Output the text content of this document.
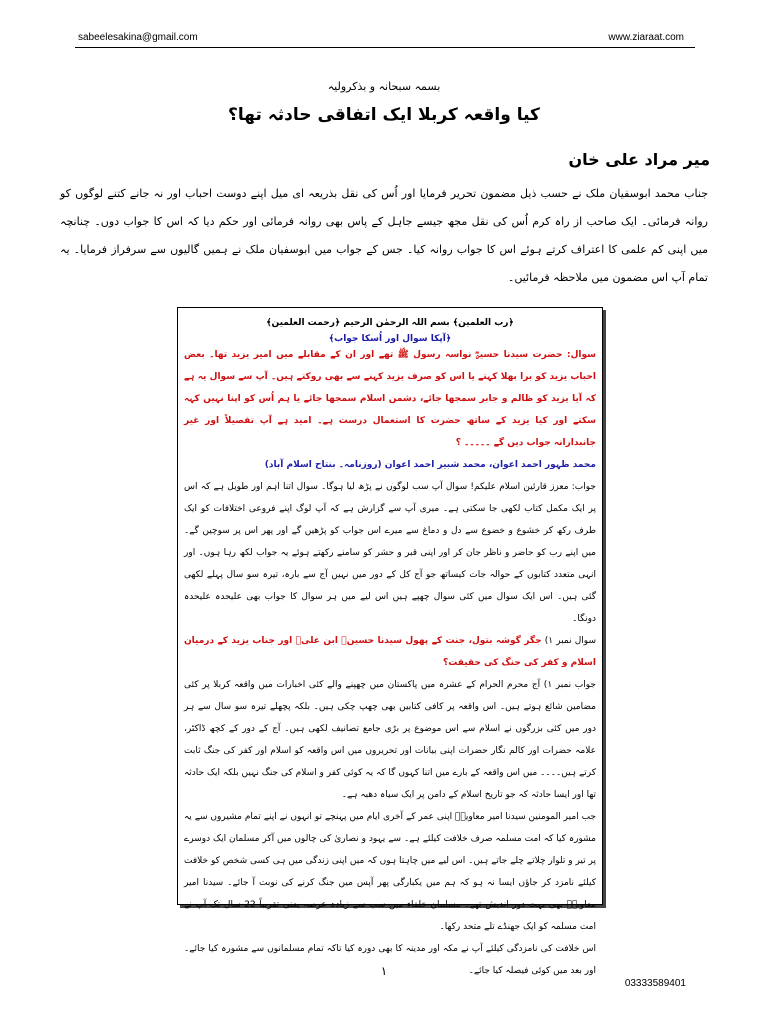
sabeelesakina@gmail.com	www.ziaraat.com
بسمہ سبحانہ و بذکرولیہ
کیا واقعہ کربلا ایک اتفاقی حادثہ تھا؟
میر مراد علی خان

جناب محمد ابوسفیان ملک نے حسب ذیل مضمون تحریر فرمایا اور اُس کی نقل بذریعہ ای میل اپنے دوست احباب اور نہ جانے کتنے لوگوں کو روانہ فرمائی۔ ایک صاحب از راہ کرم اُس کی نقل مجھ جیسے جاہل کے پاس بھی روانہ فرمائی اور حکم دیا کہ اس کا جواب دوں۔ چنانچہ میں اپنی کم علمی کا اعتراف کرتے ہوئے اس کا جواب روانہ کیا۔ جس کے جواب میں ابوسفیان ملک نے ہمیں گالیوں سے سرفراز فرمایا۔ یہ تمام آپ اس مضمون میں ملاحظہ فرمائیں۔

﴿رب العلمین﴾ بسم اللہ الرحمٰن الرحیم ﴿رحمت العلمین﴾
﴿آپکا سوال اور اُسکا جواب﴾

سوال: حضرت سیدنا حسینؓ نواسہ رسول ﷺ تھے اور ان کے مقابلے میں امیر یزید تھا۔ بعض احباب یزید کو برا بھلا کہتے یا اس کو صرف یزید کہنے سے بھی روکتے ہیں۔ آپ سے سوال یہ ہے کہ آیا یزید کو ظالم و جابر سمجھا جائے، دشمن اسلام سمجھا جائے یا ہم اُس کو اپنا نہیں کہہ سکتے اور کیا یزید کے ساتھ حضرت کا استعمال درست ہے۔ امید ہے آپ تفصیلاً اور غیر جانبدارانہ جواب دیں گے ۔۔۔۔۔ ؟

محمد ظہور احمد اعوان، محمد شبیر احمد اعوان (روزنامہ۔ بنتاح اسلام آباد)

جواب: معزز قارئین اسلام علیکم! سوال آپ سب لوگوں نے پڑھ لیا ہوگا۔ سوال اتنا اہم اور طویل ہے کہ اس پر ایک مکمل کتاب لکھی جا سکتی ہے۔ میری آپ سے گزارش ہے کہ آپ لوگ اپنے فروعی اختلافات کو ایک طرف رکھ کر خشوع و خضوع سے دل و دماغ سے میرے اس جواب کو پڑھیں گے اور پھر اس پر سوچیں گے۔ میں اپنے رب کو حاضر و ناظر جان کر اور اپنی قبر و حشر کو سامنے رکھتے ہوئے یہ جواب لکھ رہا ہوں۔ اور انہی متعدد کتابوں کے حوالہ جات کیساتھ جو آج کل کے دور میں نہیں آج سے بارہ، تیرہ سو سال پہلے لکھی گئی ہیں۔ اس ایک سوال میں کئی سوال چھپے ہیں اس لیے میں ہر سوال کا جواب بھی علیحدہ علیحدہ دونگا۔

سوال نمبر ۱) جگر گوشہ بتول، جنت کے پھول سیدنا حسینؓ ابن علیؓ اور جناب یزید کے درمیان اسلام و کفر کی جنگ کی حقیقت؟

جواب نمبر ۱) آج محرم الحرام کے عشرہ میں پاکستان میں چھپنے والے کئی اخبارات میں واقعہ کربلا پر کئی مضامین شائع ہوتے ہیں۔ اس واقعہ پر کافی کتابیں بھی چھپ چکی ہیں۔ بلکہ پچھلے تیرہ سو سال سے ہر دور میں کئی بزرگوں نے اسلام سے اس موضوع پر بڑی جامع تصانیف لکھی ہیں۔ آج کے دور کے کچھ ڈاکٹر، علامہ حضرات اور کالم نگار حضرات اپنی بیانات اور تحریروں میں اس واقعہ کو اسلام اور کفر کی جنگ ثابت کرتے ہیں۔۔۔۔ میں اس واقعہ کے بارے میں اتنا کہوں گا کہ یہ کوئی کفر و اسلام کی جنگ نہیں بلکہ ایک حادثہ تھا اور ایسا حادثہ کہ جو تاریخ اسلام کے دامن پر ایک سیاہ دھبہ ہے۔

جب امیر المومنین سیدنا امیر معاویہؓ اپنی عمر کے آخری ایام میں پہنچے تو انہوں نے اپنے تمام مشیروں سے یہ مشورہ کیا کہ امت مسلمہ صرف خلافت کیلئے ہے۔ سے یہود و نصاریٰ کی چالوں میں آکر مسلمان ایک دوسرے پر تیر و تلوار چلاتے چلے جاتے ہیں۔ اس لیے میں چاہتا ہوں کہ میں اپنی زندگی میں ہی کسی شخص کو خلافت کیلئے نامزد کر جاؤں ایسا نہ ہو کہ ہم میں یکبارگی پھر آپس میں جنگ کرنے کی نوبت آ جائے۔ سیدنا امیر معاویہؓ بھی بہت دور اندیش تھے۔ مسلمان خلفاء میں سب سے زیادہ عرصہ یعنی تقریباً 22 سال تک آپ نے امت مسلمہ کو ایک جھنڈے تلے متحد رکھا۔

اس خلافت کی نامزدگی کیلئے آپ نے مکہ اور مدینہ کا بھی دورہ کیا تاکہ تمام مسلمانوں سے مشورہ کیا جائے۔ اور بعد میں کوئی فیصلہ کیا جائے۔

۱
03333589401
